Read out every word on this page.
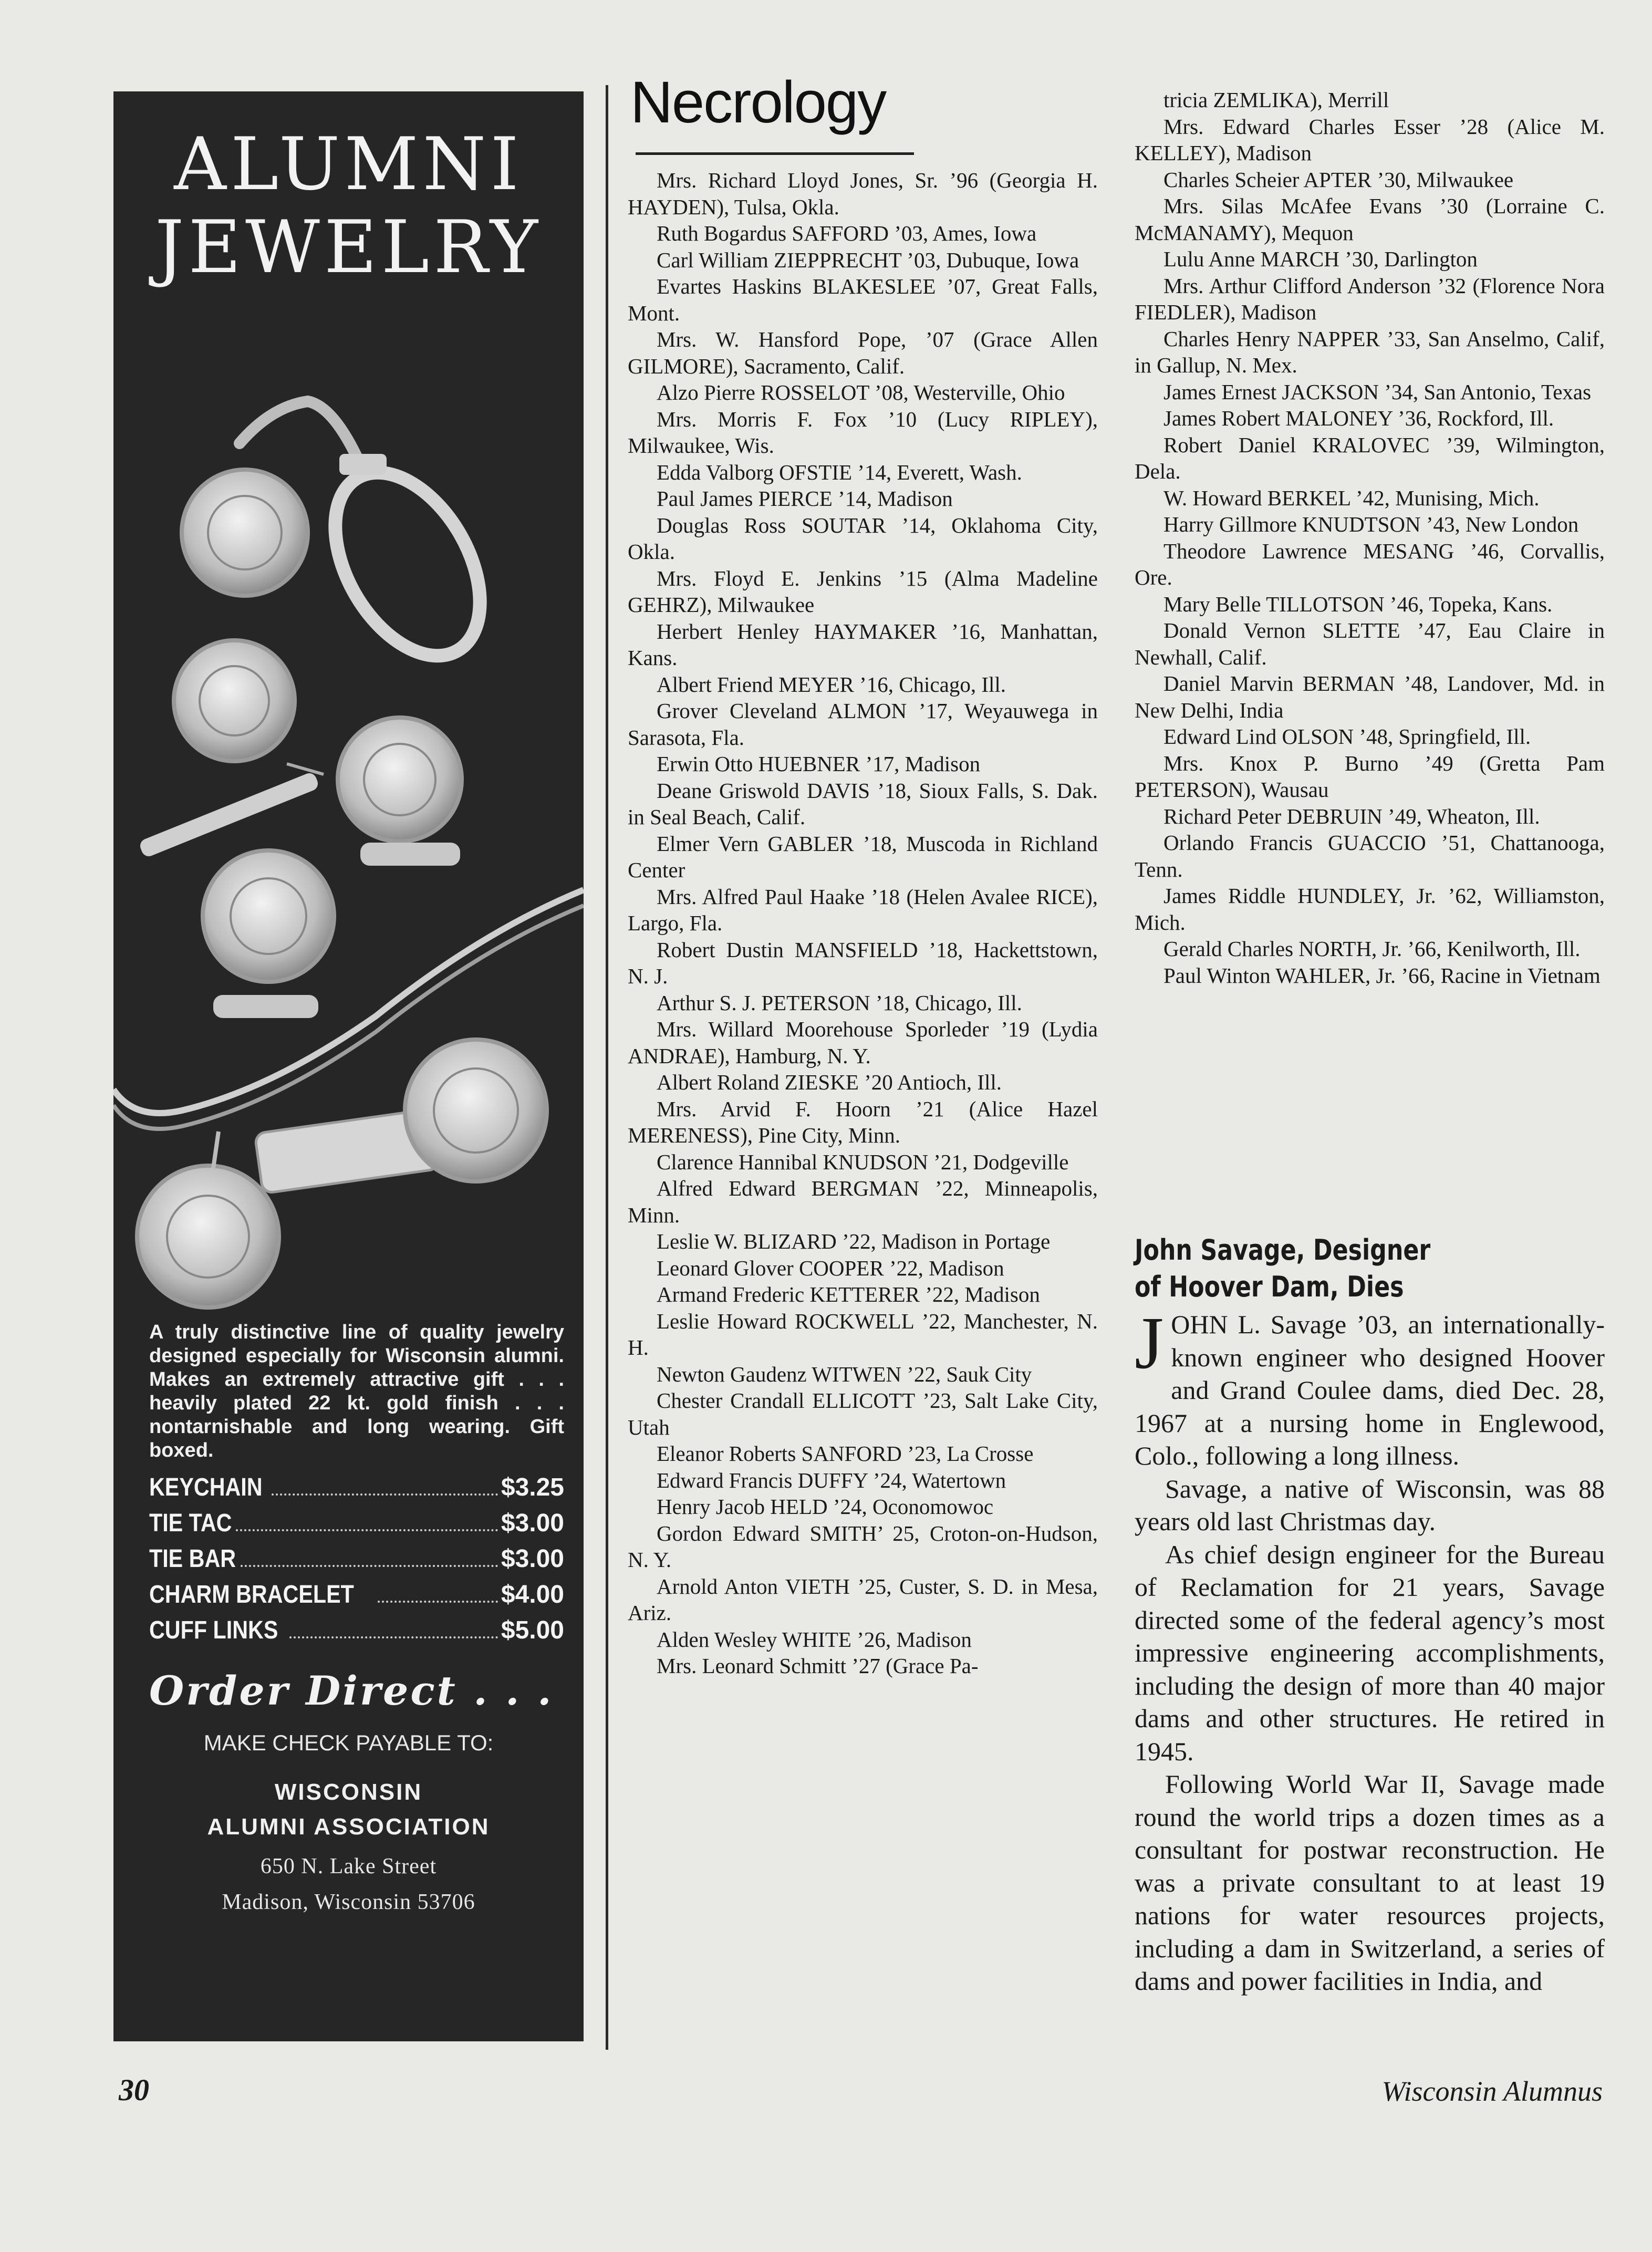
ALUMNI
JEWELRY
A truly distinctive line of quality jewelry designed especially for Wisconsin alumni. Makes an extremely attractive gift . . . heavily plated 22 kt. gold finish . . . nontarnishable and long wearing. Gift boxed.
KEYCHAIN	$3.25
TIE TAC	$3.00
TIE BAR	$3.00
CHARM BRACELET	$4.00
CUFF LINKS	$5.00
Order Direct . . .
MAKE CHECK PAYABLE TO:
WISCONSIN
ALUMNI ASSOCIATION
650 N. Lake Street
Madison, Wisconsin 53706
Necrology

Mrs. Richard Lloyd Jones, Sr. ’96 (Georgia H. HAYDEN), Tulsa, Okla.

Ruth Bogardus SAFFORD ’03, Ames, Iowa

Carl William ZIEPPRECHT ’03, Dubuque, Iowa

Evartes Haskins BLAKESLEE ’07, Great Falls, Mont.

Mrs. W. Hansford Pope, ’07 (Grace Allen GILMORE), Sacramento, Calif.

Alzo Pierre ROSSELOT ’08, Westerville, Ohio

Mrs. Morris F. Fox ’10 (Lucy RIPLEY), Milwaukee, Wis.

Edda Valborg OFSTIE ’14, Everett, Wash.

Paul James PIERCE ’14, Madison

Douglas Ross SOUTAR ’14, Oklahoma City, Okla.

Mrs. Floyd E. Jenkins ’15 (Alma Madeline GEHRZ), Milwaukee

Herbert Henley HAYMAKER ’16, Manhattan, Kans.

Albert Friend MEYER ’16, Chicago, Ill.

Grover Cleveland ALMON ’17, Weyauwega in Sarasota, Fla.

Erwin Otto HUEBNER ’17, Madison

Deane Griswold DAVIS ’18, Sioux Falls, S. Dak. in Seal Beach, Calif.

Elmer Vern GABLER ’18, Muscoda in Richland Center

Mrs. Alfred Paul Haake ’18 (Helen Avalee RICE), Largo, Fla.

Robert Dustin MANSFIELD ’18, Hackettstown, N. J.

Arthur S. J. PETERSON ’18, Chicago, Ill.

Mrs. Willard Moorehouse Sporleder ’19 (Lydia ANDRAE), Hamburg, N. Y.

Albert Roland ZIESKE ’20 Antioch, Ill.

Mrs. Arvid F. Hoorn ’21 (Alice Hazel MERENESS), Pine City, Minn.

Clarence Hannibal KNUDSON ’21, Dodgeville

Alfred Edward BERGMAN ’22, Minneapolis, Minn.

Leslie W. BLIZARD ’22, Madison in Portage

Leonard Glover COOPER ’22, Madison

Armand Frederic KETTERER ’22, Madison

Leslie Howard ROCKWELL ’22, Manchester, N. H.

Newton Gaudenz WITWEN ’22, Sauk City

Chester Crandall ELLICOTT ’23, Salt Lake City, Utah

Eleanor Roberts SANFORD ’23, La Crosse

Edward Francis DUFFY ’24, Watertown

Henry Jacob HELD ’24, Oconomowoc

Gordon Edward SMITH’ 25, Croton-on-Hudson, N. Y.

Arnold Anton VIETH ’25, Custer, S. D. in Mesa, Ariz.

Alden Wesley WHITE ’26, Madison

Mrs. Leonard Schmitt ’27 (Grace Pa-

tricia ZEMLIKA), Merrill

Mrs. Edward Charles Esser ’28 (Alice M. KELLEY), Madison

Charles Scheier APTER ’30, Milwaukee

Mrs. Silas McAfee Evans ’30 (Lorraine C. McMANAMY), Mequon

Lulu Anne MARCH ’30, Darlington

Mrs. Arthur Clifford Anderson ’32 (Florence Nora FIEDLER), Madison

Charles Henry NAPPER ’33, San Anselmo, Calif, in Gallup, N. Mex.

James Ernest JACKSON ’34, San Antonio, Texas

James Robert MALONEY ’36, Rockford, Ill.

Robert Daniel KRALOVEC ’39, Wilmington, Dela.

W. Howard BERKEL ’42, Munising, Mich.

Harry Gillmore KNUDTSON ’43, New London

Theodore Lawrence MESANG ’46, Corvallis, Ore.

Mary Belle TILLOTSON ’46, Topeka, Kans.

Donald Vernon SLETTE ’47, Eau Claire in Newhall, Calif.

Daniel Marvin BERMAN ’48, Landover, Md. in New Delhi, India

Edward Lind OLSON ’48, Springfield, Ill.

Mrs. Knox P. Burno ’49 (Gretta Pam PETERSON), Wausau

Richard Peter DEBRUIN ’49, Wheaton, Ill.

Orlando Francis GUACCIO ’51, Chattanooga, Tenn.

James Riddle HUNDLEY, Jr. ’62, Williamston, Mich.

Gerald Charles NORTH, Jr. ’66, Kenilworth, Ill.

Paul Winton WAHLER, Jr. ’66, Racine in Vietnam

John Savage, Designer
of Hoover Dam, Dies

JOHN L. Savage ’03, an internationally-known engineer who designed Hoover and Grand Coulee dams, died Dec. 28, 1967 at a nursing home in Englewood, Colo., following a long illness.

Savage, a native of Wisconsin, was 88 years old last Christmas day.

As chief design engineer for the Bureau of Reclamation for 21 years, Savage directed some of the federal agency’s most impressive engineering accomplishments, including the design of more than 40 major dams and other structures. He retired in 1945.

Following World War II, Savage made round the world trips a dozen times as a consultant for postwar reconstruction. He was a private consultant to at least 19 nations for water resources projects, including a dam in Switzerland, a series of dams and power facilities in India, and

30	Wisconsin Alumnus
